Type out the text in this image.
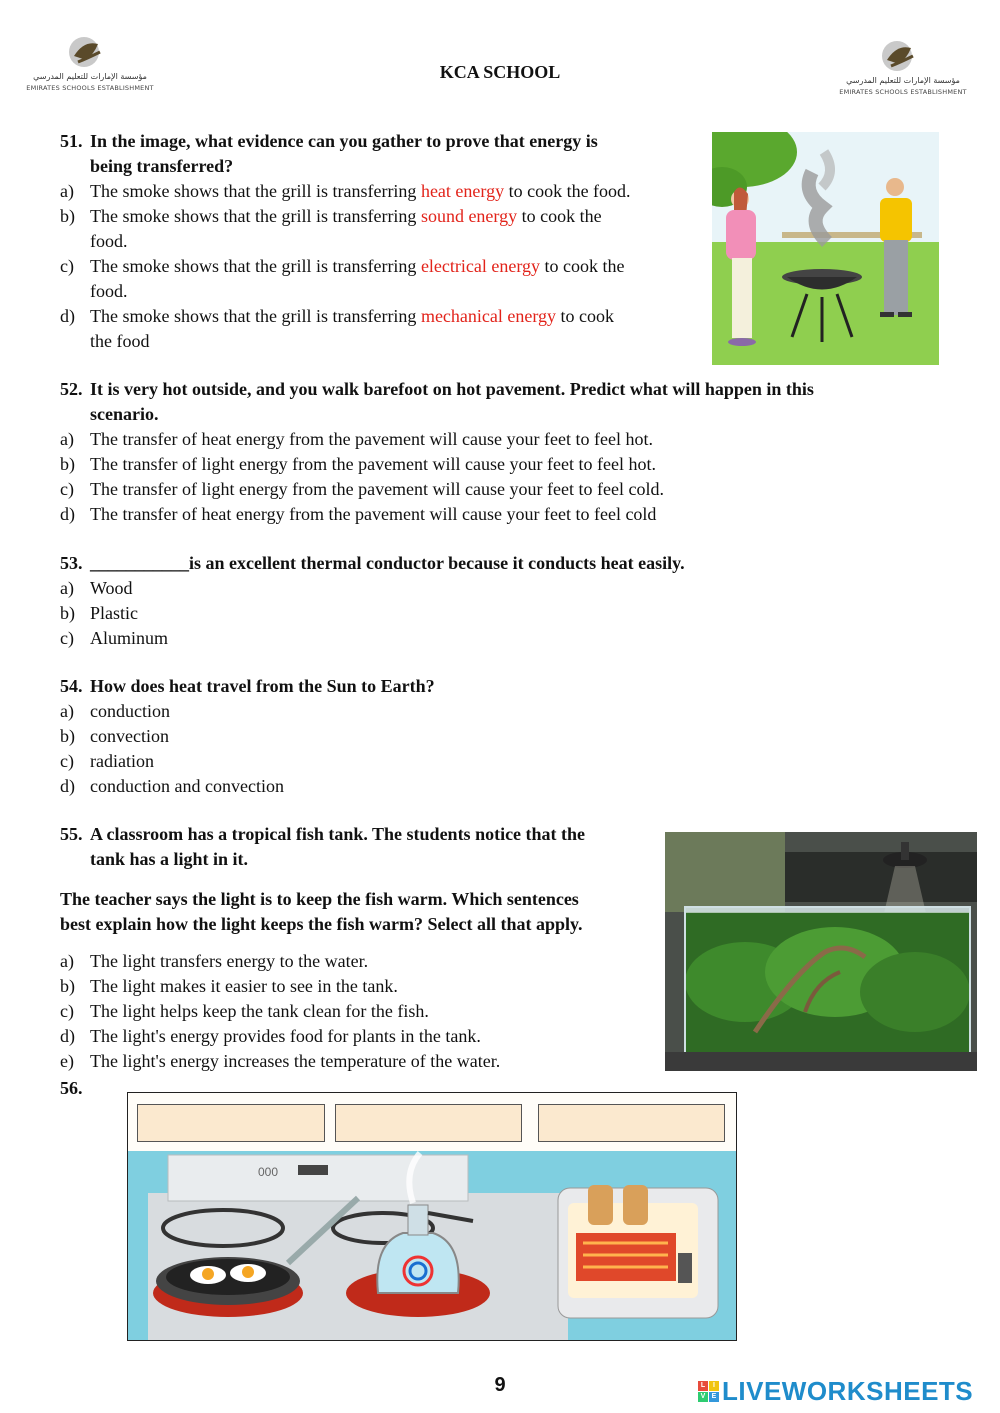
مؤسسة الإمارات للتعليم المدرسي
EMIRATES SCHOOLS ESTABLISHMENT
مؤسسة الإمارات للتعليم المدرسي
EMIRATES SCHOOLS ESTABLISHMENT
KCA SCHOOL
51. In the image, what evidence can you gather to prove that energy is
being transferred?
a) The smoke shows that the grill is transferring heat energy to cook the food.
b) The smoke shows that the grill is transferring sound energy to cook the
food.
c) The smoke shows that the grill is transferring electrical energy to cook the
food.
d) The smoke shows that the grill is transferring mechanical energy to cook
the food
52. It is very hot outside, and you walk barefoot on hot pavement. Predict what will happen in this
scenario.
a) The transfer of heat energy from the pavement will cause your feet to feel hot.
b) The transfer of light energy from the pavement will cause your feet to feel hot.
c) The transfer of light energy from the pavement will cause your feet to feel cold.
d) The transfer of heat energy from the pavement will cause your feet to feel cold
53. ___________is an excellent thermal conductor because it conducts heat easily.
a) Wood
b) Plastic
c) Aluminum
54. How does heat travel from the Sun to Earth?
a) conduction
b) convection
c) radiation
d) conduction and convection
55. A classroom has a tropical fish tank. The students notice that the
tank has a light in it.
The teacher says the light is to keep the fish warm. Which sentences
best explain how the light keeps the fish warm? Select all that apply.
a) The light transfers energy to the water.
b) The light makes it easier to see in the tank.
c) The light helps keep the tank clean for the fish.
d) The light's energy provides food for plants in the tank.
e) The light's energy increases the temperature of the water.
56.
000
9	L	I
V E LIVEWORKSHEETS
